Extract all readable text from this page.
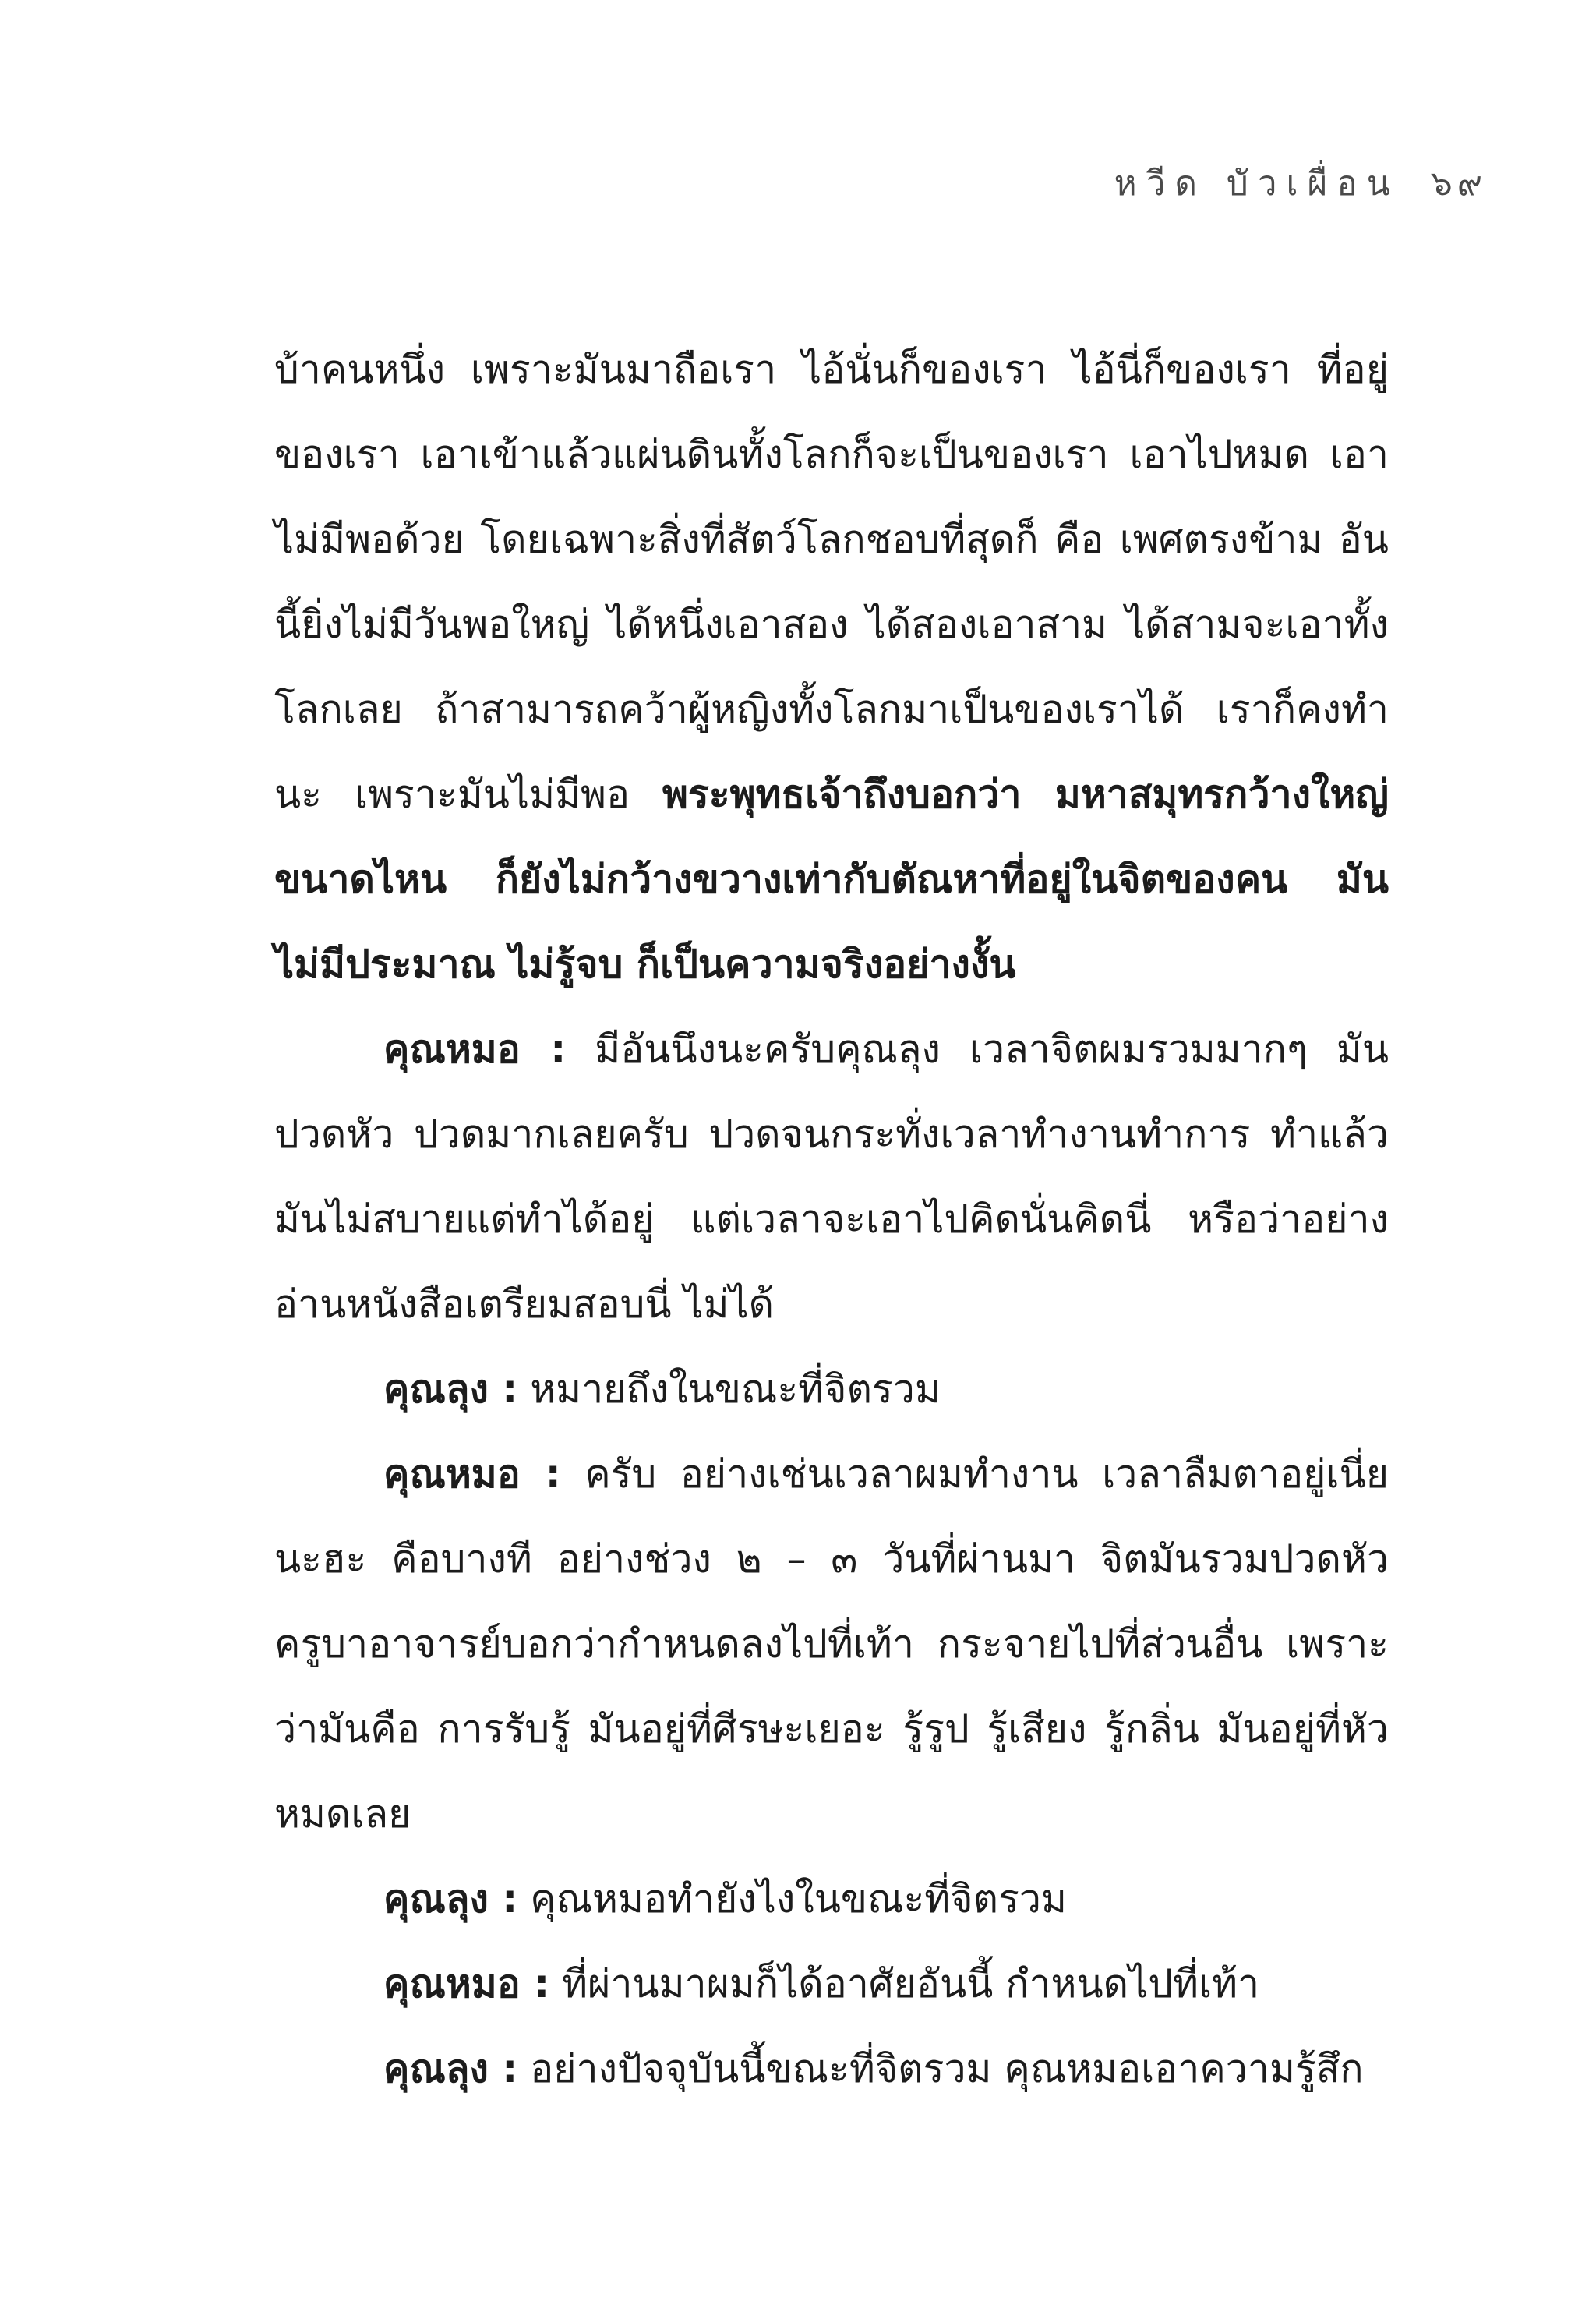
หวีด บัวเผื่อน ๖๙

บ้าคนหนึ่ง เพราะมันมาถือเรา ไอ้นั่นก็ของเรา ไอ้นี่ก็ของเรา ที่อยู่ของเรา เอาเข้าแล้วแผ่นดินทั้งโลกก็จะเป็นของเรา เอาไปหมด เอาไม่มีพอด้วย โดยเฉพาะสิ่งที่สัตว์โลกชอบที่สุดก็ คือ เพศตรงข้าม อันนี้ยิ่งไม่มีวันพอใหญ่ ได้หนึ่งเอาสอง ได้สองเอาสาม ได้สามจะเอาทั้งโลกเลย ถ้าสามารถคว้าผู้หญิงทั้งโลกมาเป็นของเราได้ เราก็คงทำนะ เพราะมันไม่มีพอ พระพุทธเจ้าถึงบอกว่า มหาสมุทรกว้างใหญ่ขนาดไหน ก็ยังไม่กว้างขวางเท่ากับตัณหาที่อยู่ในจิตของคน มันไม่มีประมาณ ไม่รู้จบ ก็เป็นความจริงอย่างงั้น

คุณหมอ : มีอันนึงนะครับคุณลุง เวลาจิตผมรวมมากๆ มันปวดหัว ปวดมากเลยครับ ปวดจนกระทั่งเวลาทำงานทำการ ทำแล้วมันไม่สบายแต่ทำได้อยู่ แต่เวลาจะเอาไปคิดนั่นคิดนี่ หรือว่าอย่างอ่านหนังสือเตรียมสอบนี่ ไม่ได้

คุณลุง : หมายถึงในขณะที่จิตรวม

คุณหมอ : ครับ อย่างเช่นเวลาผมทำงาน เวลาลืมตาอยู่เนี่ยนะฮะ คือบางที อย่างช่วง ๒ – ๓ วันที่ผ่านมา จิตมันรวมปวดหัว ครูบาอาจารย์บอกว่ากำหนดลงไปที่เท้า กระจายไปที่ส่วนอื่น เพราะว่ามันคือ การรับรู้ มันอยู่ที่ศีรษะเยอะ รู้รูป รู้เสียง รู้กลิ่น มันอยู่ที่หัวหมดเลย

คุณลุง : คุณหมอทำยังไงในขณะที่จิตรวม

คุณหมอ : ที่ผ่านมาผมก็ได้อาศัยอันนี้ กำหนดไปที่เท้า

คุณลุง : อย่างปัจจุบันนี้ขณะที่จิตรวม คุณหมอเอาความรู้สึก
